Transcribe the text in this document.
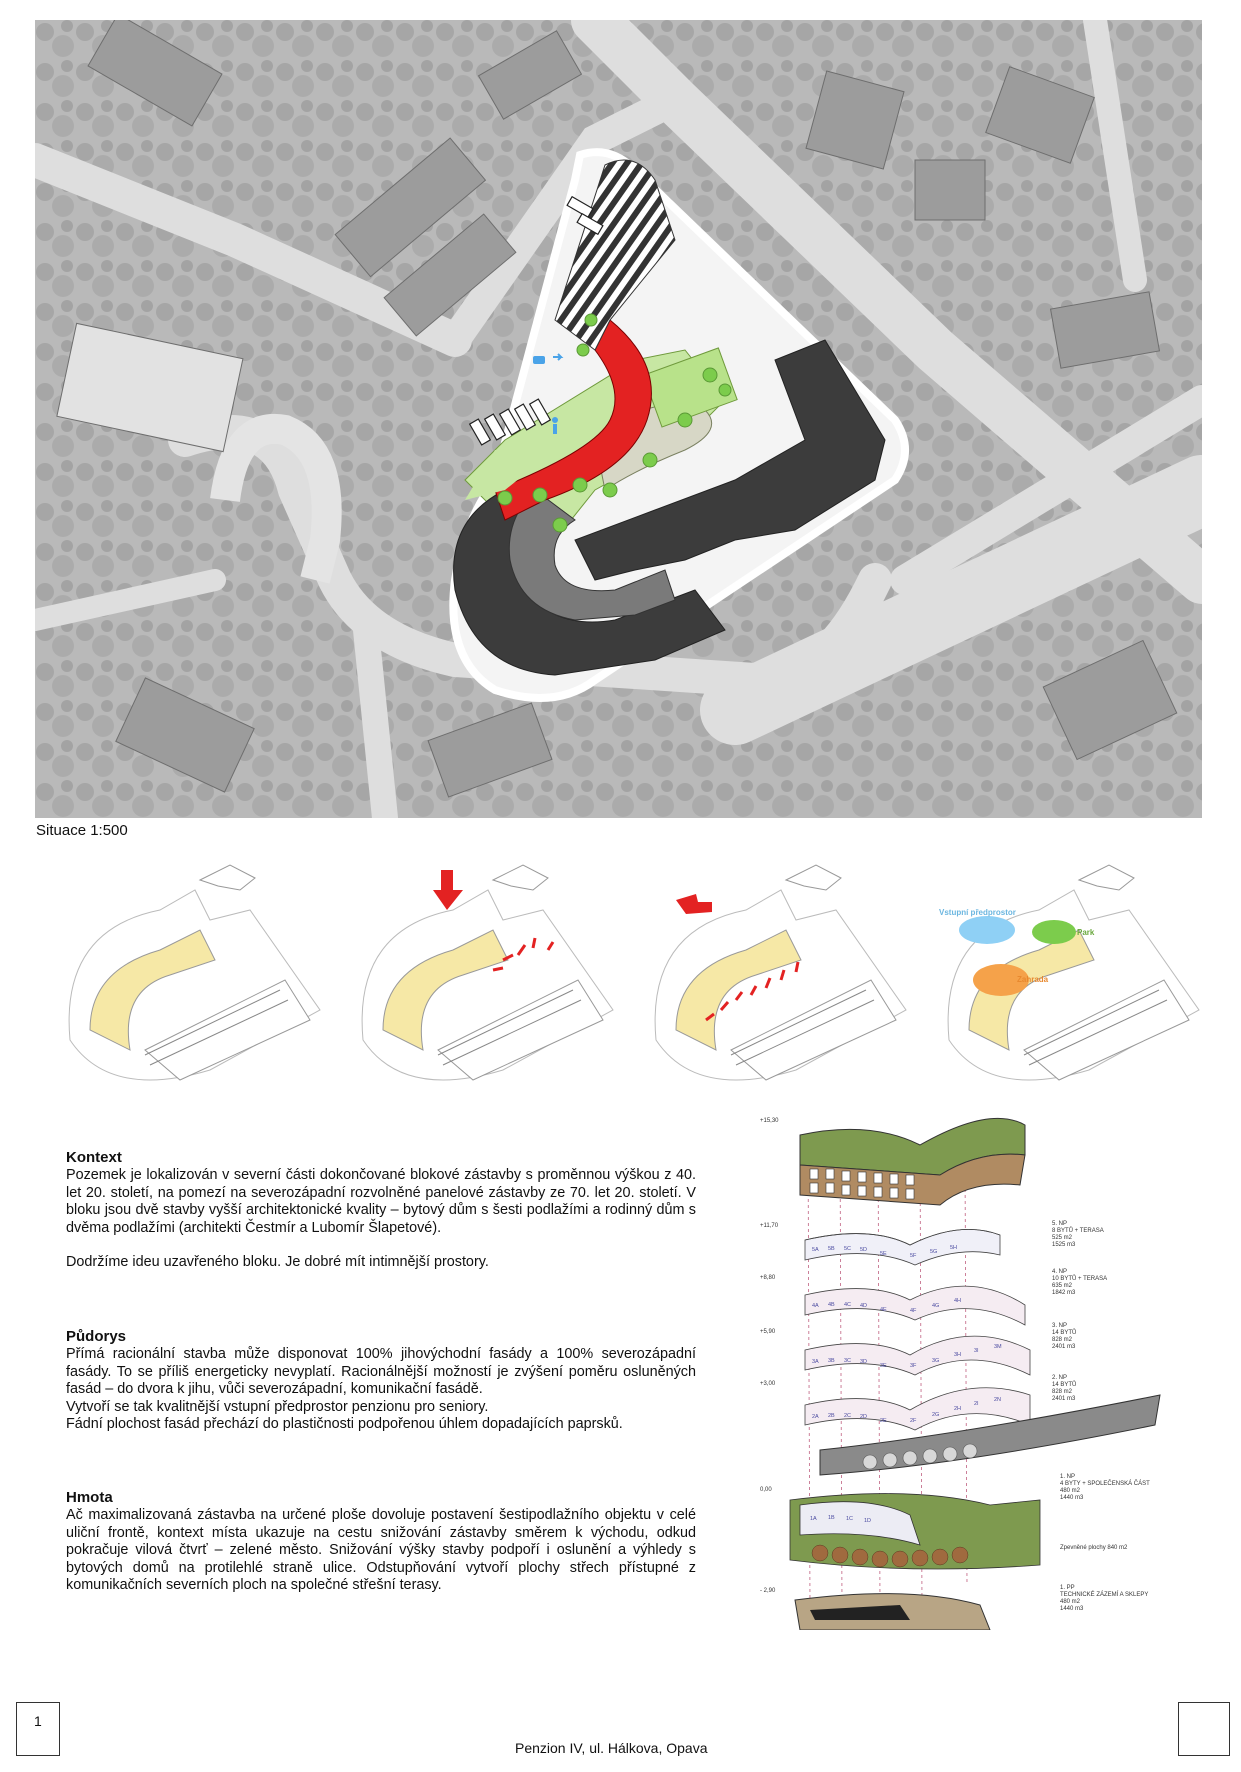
Situace 1:500
Vstupní předprostor
Park
Zahrada
Kontext

Pozemek je lokalizován v severní části dokončované blokové zástavby s proměnnou výškou z 40. let 20. století, na pomezí na severozápadní rozvolněné panelové zástavby ze 70. let 20. století. V bloku jsou dvě stavby vyšší architektonické kvality – bytový dům s šesti podlažími a rodinný dům s dvěma podlažími (architekti Čestmír a Lubomír Šlapetové).

Dodržíme ideu uzavřeného bloku. Je dobré mít intimnější prostory.

Půdorys

Přímá racionální stavba může disponovat 100% jihovýchodní fasády a 100% severozápadní fasády. To se příliš energeticky nevyplatí. Racionálnější možností je zvýšení poměru osluněných fasád – do dvora k jihu, vůči severozápadní, komunikační fasádě.

Vytvoří se tak kvalitnější vstupní předprostor penzionu pro seniory.

Fádní plochost fasád přechází do plastičnosti podpořenou úhlem dopadajících paprsků.

Hmota

Ač maximalizovaná zástavba na určené ploše dovoluje postavení šestipodlažního objektu v celé uliční frontě, kontext místa ukazuje na cestu snižování zástavby směrem k východu, odkud pokračuje vilová čtvrť – zelené město. Snižování výšky stavby podpoří i oslunění a výhledy s bytových domů na protilehlé straně ulice. Odstupňování vytvoří plochy střech přístupné z komunikačních severních ploch na společné střešní terasy.

+15,30
+11,70
+8,80
+5,90
+3,00
0,00
- 2,90
5. NP
8 BYTŮ + TERASA
525 m2
1525 m3
4. NP
10 BYTŮ + TERASA
635 m2
1842 m3
3. NP
14 BYTŮ
828 m2
2401 m3
2. NP
14 BYTŮ
828 m2
2401 m3
1. NP
4 BYTY + SPOLEČENSKÁ ČÁST
480 m2
1440 m3
Zpevněné plochy 840 m2
1. PP
TECHNICKÉ ZÁZEMÍ A SKLEPY
480 m2
1440 m3
5A 5B 5C 5D
5E	5F
5G
5H
4A 4B 4C 4D
4E	4F
4G
4H
3A 3B 3C 3D
3E	3F
3G
3H
3I
3M
2A 2B 2C 2D
2E	2F
2G
2H
2I
2N
1A 1B 1C 1D
1
Penzion IV, ul. Hálkova, Opava
